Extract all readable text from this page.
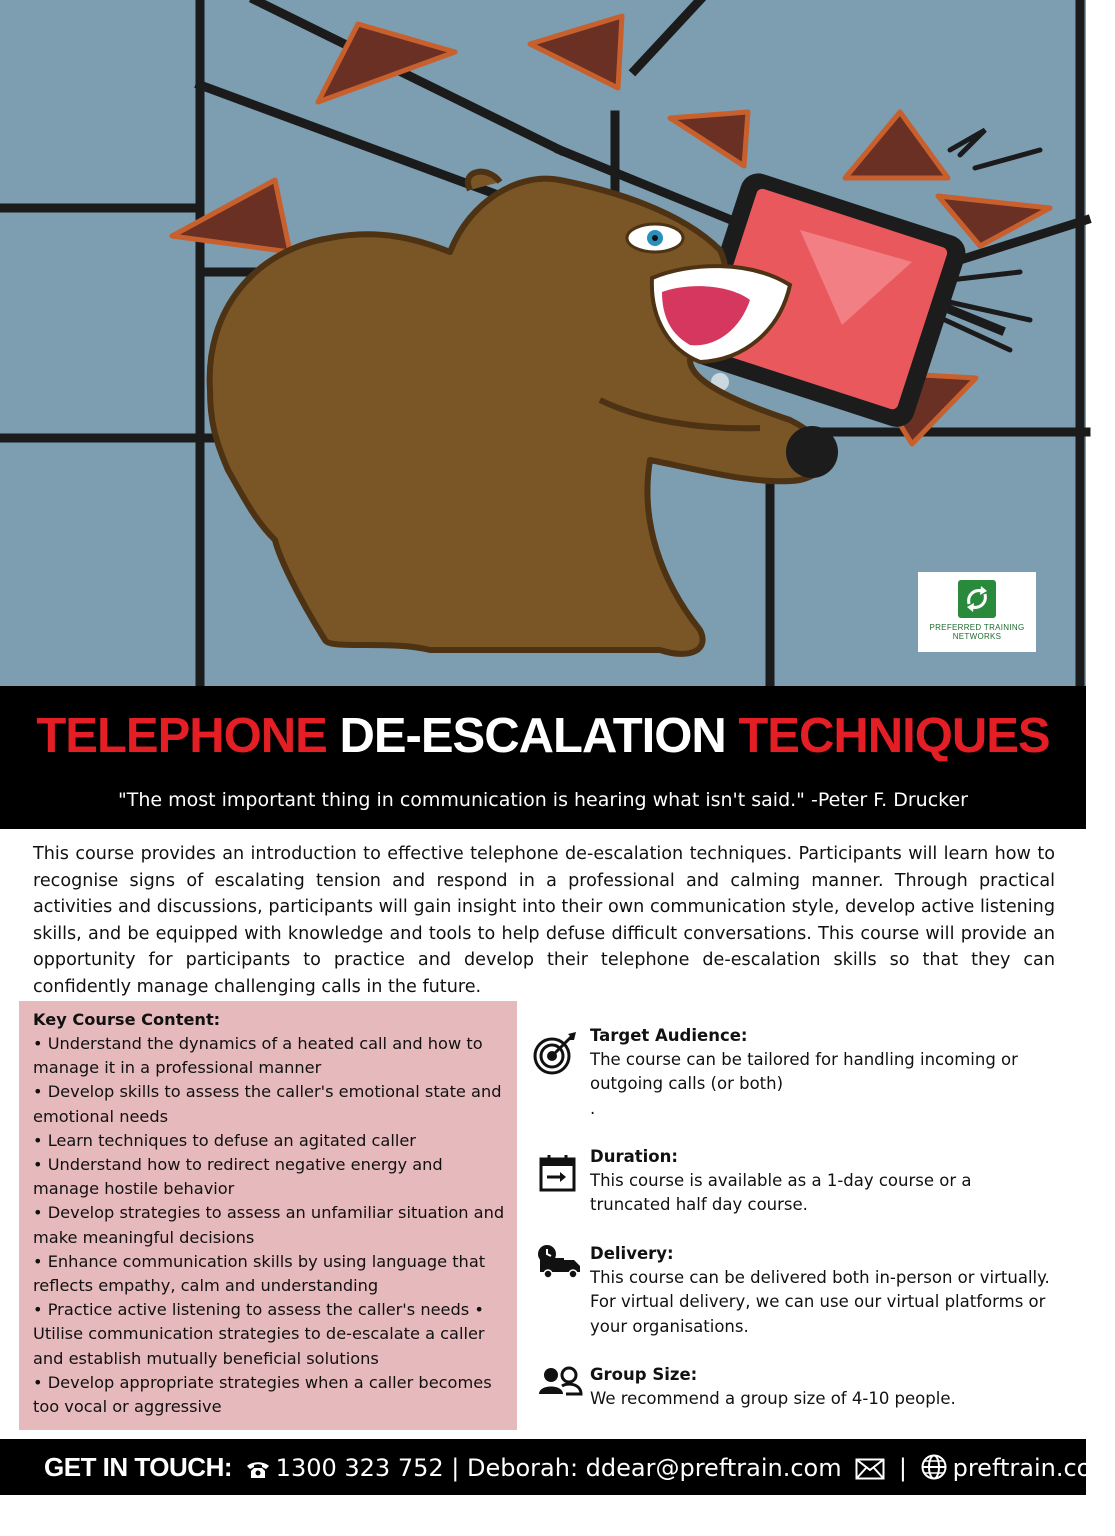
PREFERRED TRAINING NETWORKS
TELEPHONE DE-ESCALATION TECHNIQUES

"The most important thing in communication is hearing what isn't said." -Peter F. Drucker

This course provides an introduction to effective telephone de-escalation techniques. Participants will learn how to recognise signs of escalating tension and respond in a professional and calming manner. Through practical activities and discussions, participants will gain insight into their own communication style, develop active listening skills, and be equipped with knowledge and tools to help defuse difficult conversations. This course will provide an opportunity for participants to practice and develop their telephone de-escalation skills so that they can confidently manage challenging calls in the future.

Key Course Content:

• Understand the dynamics of a heated call and how to manage it in a professional manner
• Develop skills to assess the caller's emotional state and emotional needs
• Learn techniques to defuse an agitated caller
• Understand how to redirect negative energy and manage hostile behavior
• Develop strategies to assess an unfamiliar situation and make meaningful decisions
• Enhance communication skills by using language that reflects empathy, calm and understanding
• Practice active listening to assess the caller's needs • Utilise communication strategies to de-escalate a caller and establish mutually beneficial solutions
• Develop appropriate strategies when a caller becomes too vocal or aggressive

Target Audience:

The course can be tailored for handling incoming or outgoing calls (or both)

.

Duration:

This course is available as a 1-day course or a truncated half day course.

Delivery:

This course can be delivered both in-person or virtually. For virtual delivery, we can use our virtual platforms or your organisations.

Group Size:

We recommend a group size of 4-10 people.

GET IN TOUCH: 1300 323 752 | Deborah: ddear@preftrain.com | preftrain.com
